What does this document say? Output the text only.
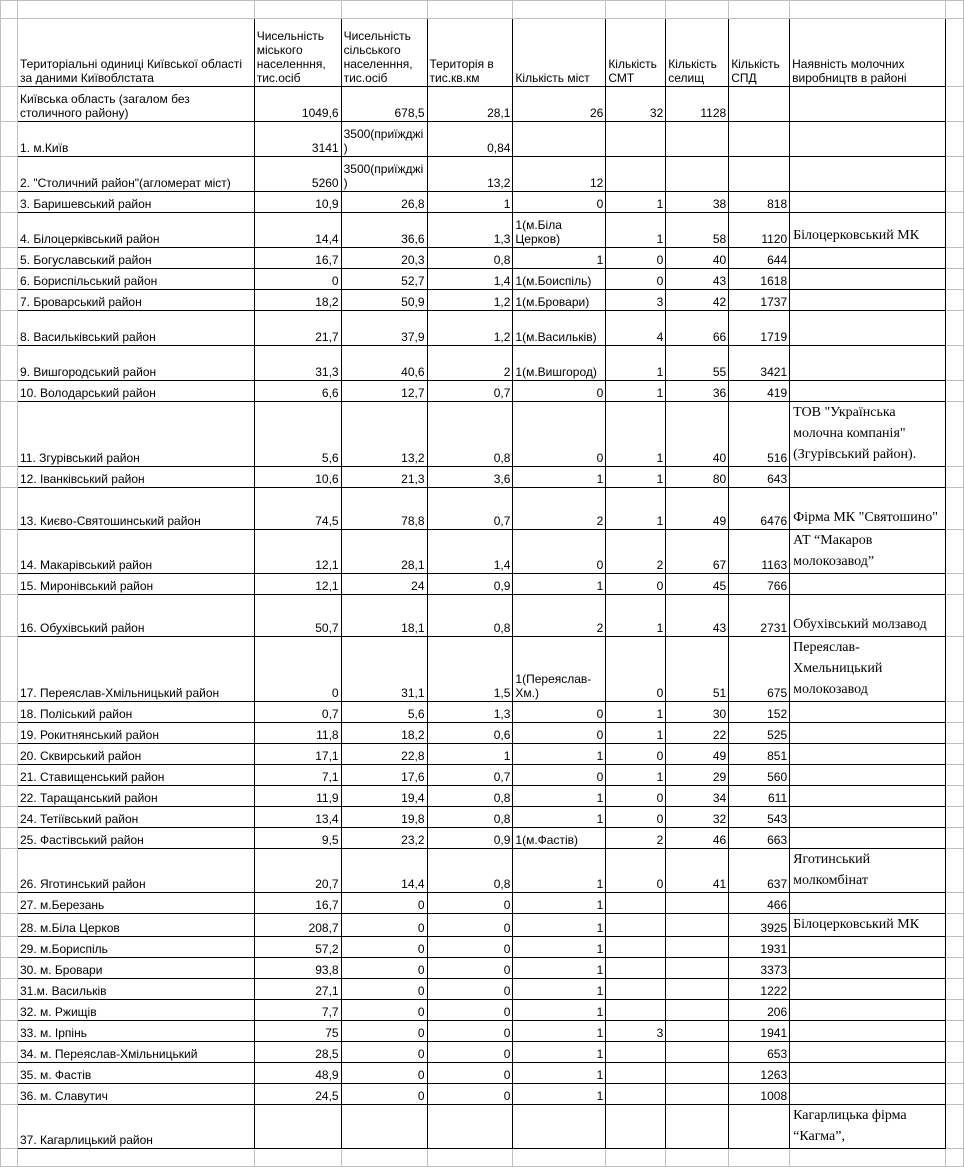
	Територіальні одиниці Київської області за даними Київоблстата	Чисельність міського населенння, тис.осіб	Чисельність сільського населенння, тис.осіб	Територія в тис.кв.км	Кількість міст	Кількість СМТ	Кількість селищ	Кількість СПД	Наявність молочних виробництв в районі	
	Київська область (загалом без столичного району)	1049,6	678,5	28,1	26	32	1128			
	1. м.Київ	3141	3500(приїжджі)	0,84						
	2. "Столичний район"(агломерат міст)	5260	3500(приїжджі)	13,2	12					
	3. Баришевський район	10,9	26,8	1	0	1	38	818		
	4. Білоцерківський район	14,4	36,6	1,3	1(м.Біла Церков)	1	58	1120	Білоцерковський МК	
	5. Богуславський район	16,7	20,3	0,8	1	0	40	644		
	6. Бориспільський район	0	52,7	1,4	1(м.Боиспіль)	0	43	1618		
	7. Броварський район	18,2	50,9	1,2	1(м.Бровари)	3	42	1737		
	8. Васильківський район	21,7	37,9	1,2	1(м.Васильків)	4	66	1719		
	9. Вишгородський район	31,3	40,6	2	1(м.Вишгород)	1	55	3421		
	10. Володарський район	6,6	12,7	0,7	0	1	36	419		
	11. Згурівський район	5,6	13,2	0,8	0	1	40	516	ТОВ "Українська молочна компанія" (Згурівський район).	
	12. Іванківський район	10,6	21,3	3,6	1	1	80	643		
	13. Києво-Святошинський район	74,5	78,8	0,7	2	1	49	6476	Фірма МК "Святошино"	
	14. Макарівський район	12,1	28,1	1,4	0	2	67	1163	АТ “Макаров молокозавод”	
	15. Миронівський район	12,1	24	0,9	1	0	45	766		
	16. Обухівський район	50,7	18,1	0,8	2	1	43	2731	Обухівський молзавод	
	17. Переяслав-Хмільницький район	0	31,1	1,5	1(Переяслав-Хм.)	0	51	675	Переяслав-Хмельницький молокозавод	
	18. Поліський район	0,7	5,6	1,3	0	1	30	152		
	19. Рокитнянський район	11,8	18,2	0,6	0	1	22	525		
	20. Сквирський район	17,1	22,8	1	1	0	49	851		
	21. Ставищенський район	7,1	17,6	0,7	0	1	29	560		
	22. Таращанський район	11,9	19,4	0,8	1	0	34	611		
	24. Тетіївський район	13,4	19,8	0,8	1	0	32	543		
	25. Фастівський район	9,5	23,2	0,9	1(м.Фастів)	2	46	663		
	26. Яготинський район	20,7	14,4	0,8	1	0	41	637	Яготинський молкомбінат	
	27. м.Березань	16,7	0	0	1			466		
	28. м.Біла Церков	208,7	0	0	1			3925	Білоцерковський МК	
	29. м.Бориспіль	57,2	0	0	1			1931		
	30. м. Бровари	93,8	0	0	1			3373		
	31.м. Васильків	27,1	0	0	1			1222		
	32. м. Ржищів	7,7	0	0	1			206		
	33. м. Ірпінь	75	0	0	1	3		1941		
	34. м. Переяслав-Хмільницький	28,5	0	0	1			653		
	35. м. Фастів	48,9	0	0	1			1263		
	36. м. Славутич	24,5	0	0	1			1008		
	37. Кагарлицький район								Кагарлицька фірма “Кагма”,	
